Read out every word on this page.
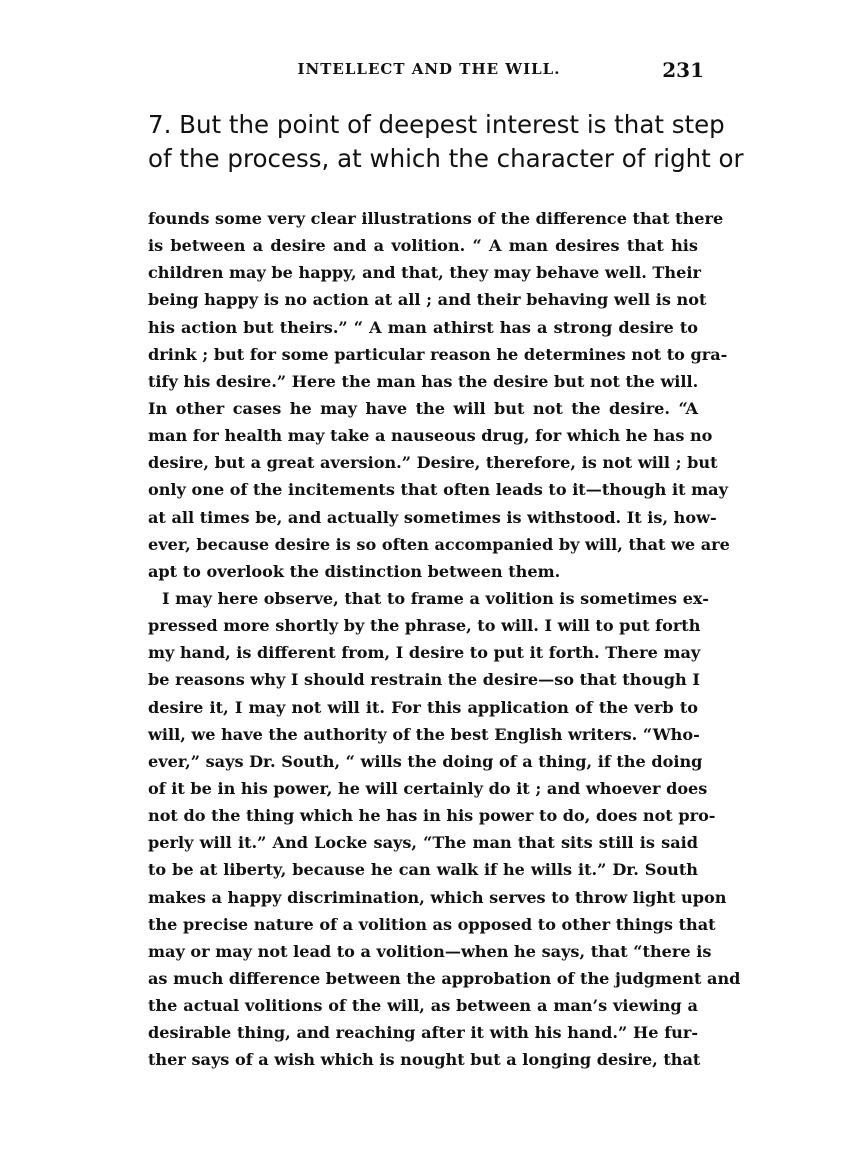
INTELLECT AND THE WILL.	231
7. But the point of deepest interest is that step
of the process, at which the character of right or
founds some very clear illustrations of the difference that there
is between a desire and a volition. “ A man desires that his
children may be happy, and that, they may behave well. Their
being happy is no action at all ; and their behaving well is not
his action but theirs.” “ A man athirst has a strong desire to
drink ; but for some particular reason he determines not to gra-
tify his desire.” Here the man has the desire but not the will.
In other cases he may have the will but not the desire. “A
man for health may take a nauseous drug, for which he has no
desire, but a great aversion.” Desire, therefore, is not will ; but
only one of the incitements that often leads to it—though it may
at all times be, and actually sometimes is withstood. It is, how-
ever, because desire is so often accompanied by will, that we are
apt to overlook the distinction between them.
I may here observe, that to frame a volition is sometimes ex-
pressed more shortly by the phrase, to will. I will to put forth
my hand, is different from, I desire to put it forth. There may
be reasons why I should restrain the desire—so that though I
desire it, I may not will it. For this application of the verb to
will, we have the authority of the best English writers. “Who-
ever,” says Dr. South, “ wills the doing of a thing, if the doing
of it be in his power, he will certainly do it ; and whoever does
not do the thing which he has in his power to do, does not pro-
perly will it.” And Locke says, “The man that sits still is said
to be at liberty, because he can walk if he wills it.” Dr. South
makes a happy discrimination, which serves to throw light upon
the precise nature of a volition as opposed to other things that
may or may not lead to a volition—when he says, that “there is
as much difference between the approbation of the judgment and
the actual volitions of the will, as between a man’s viewing a
desirable thing, and reaching after it with his hand.” He fur-
ther says of a wish which is nought but a longing desire, that
